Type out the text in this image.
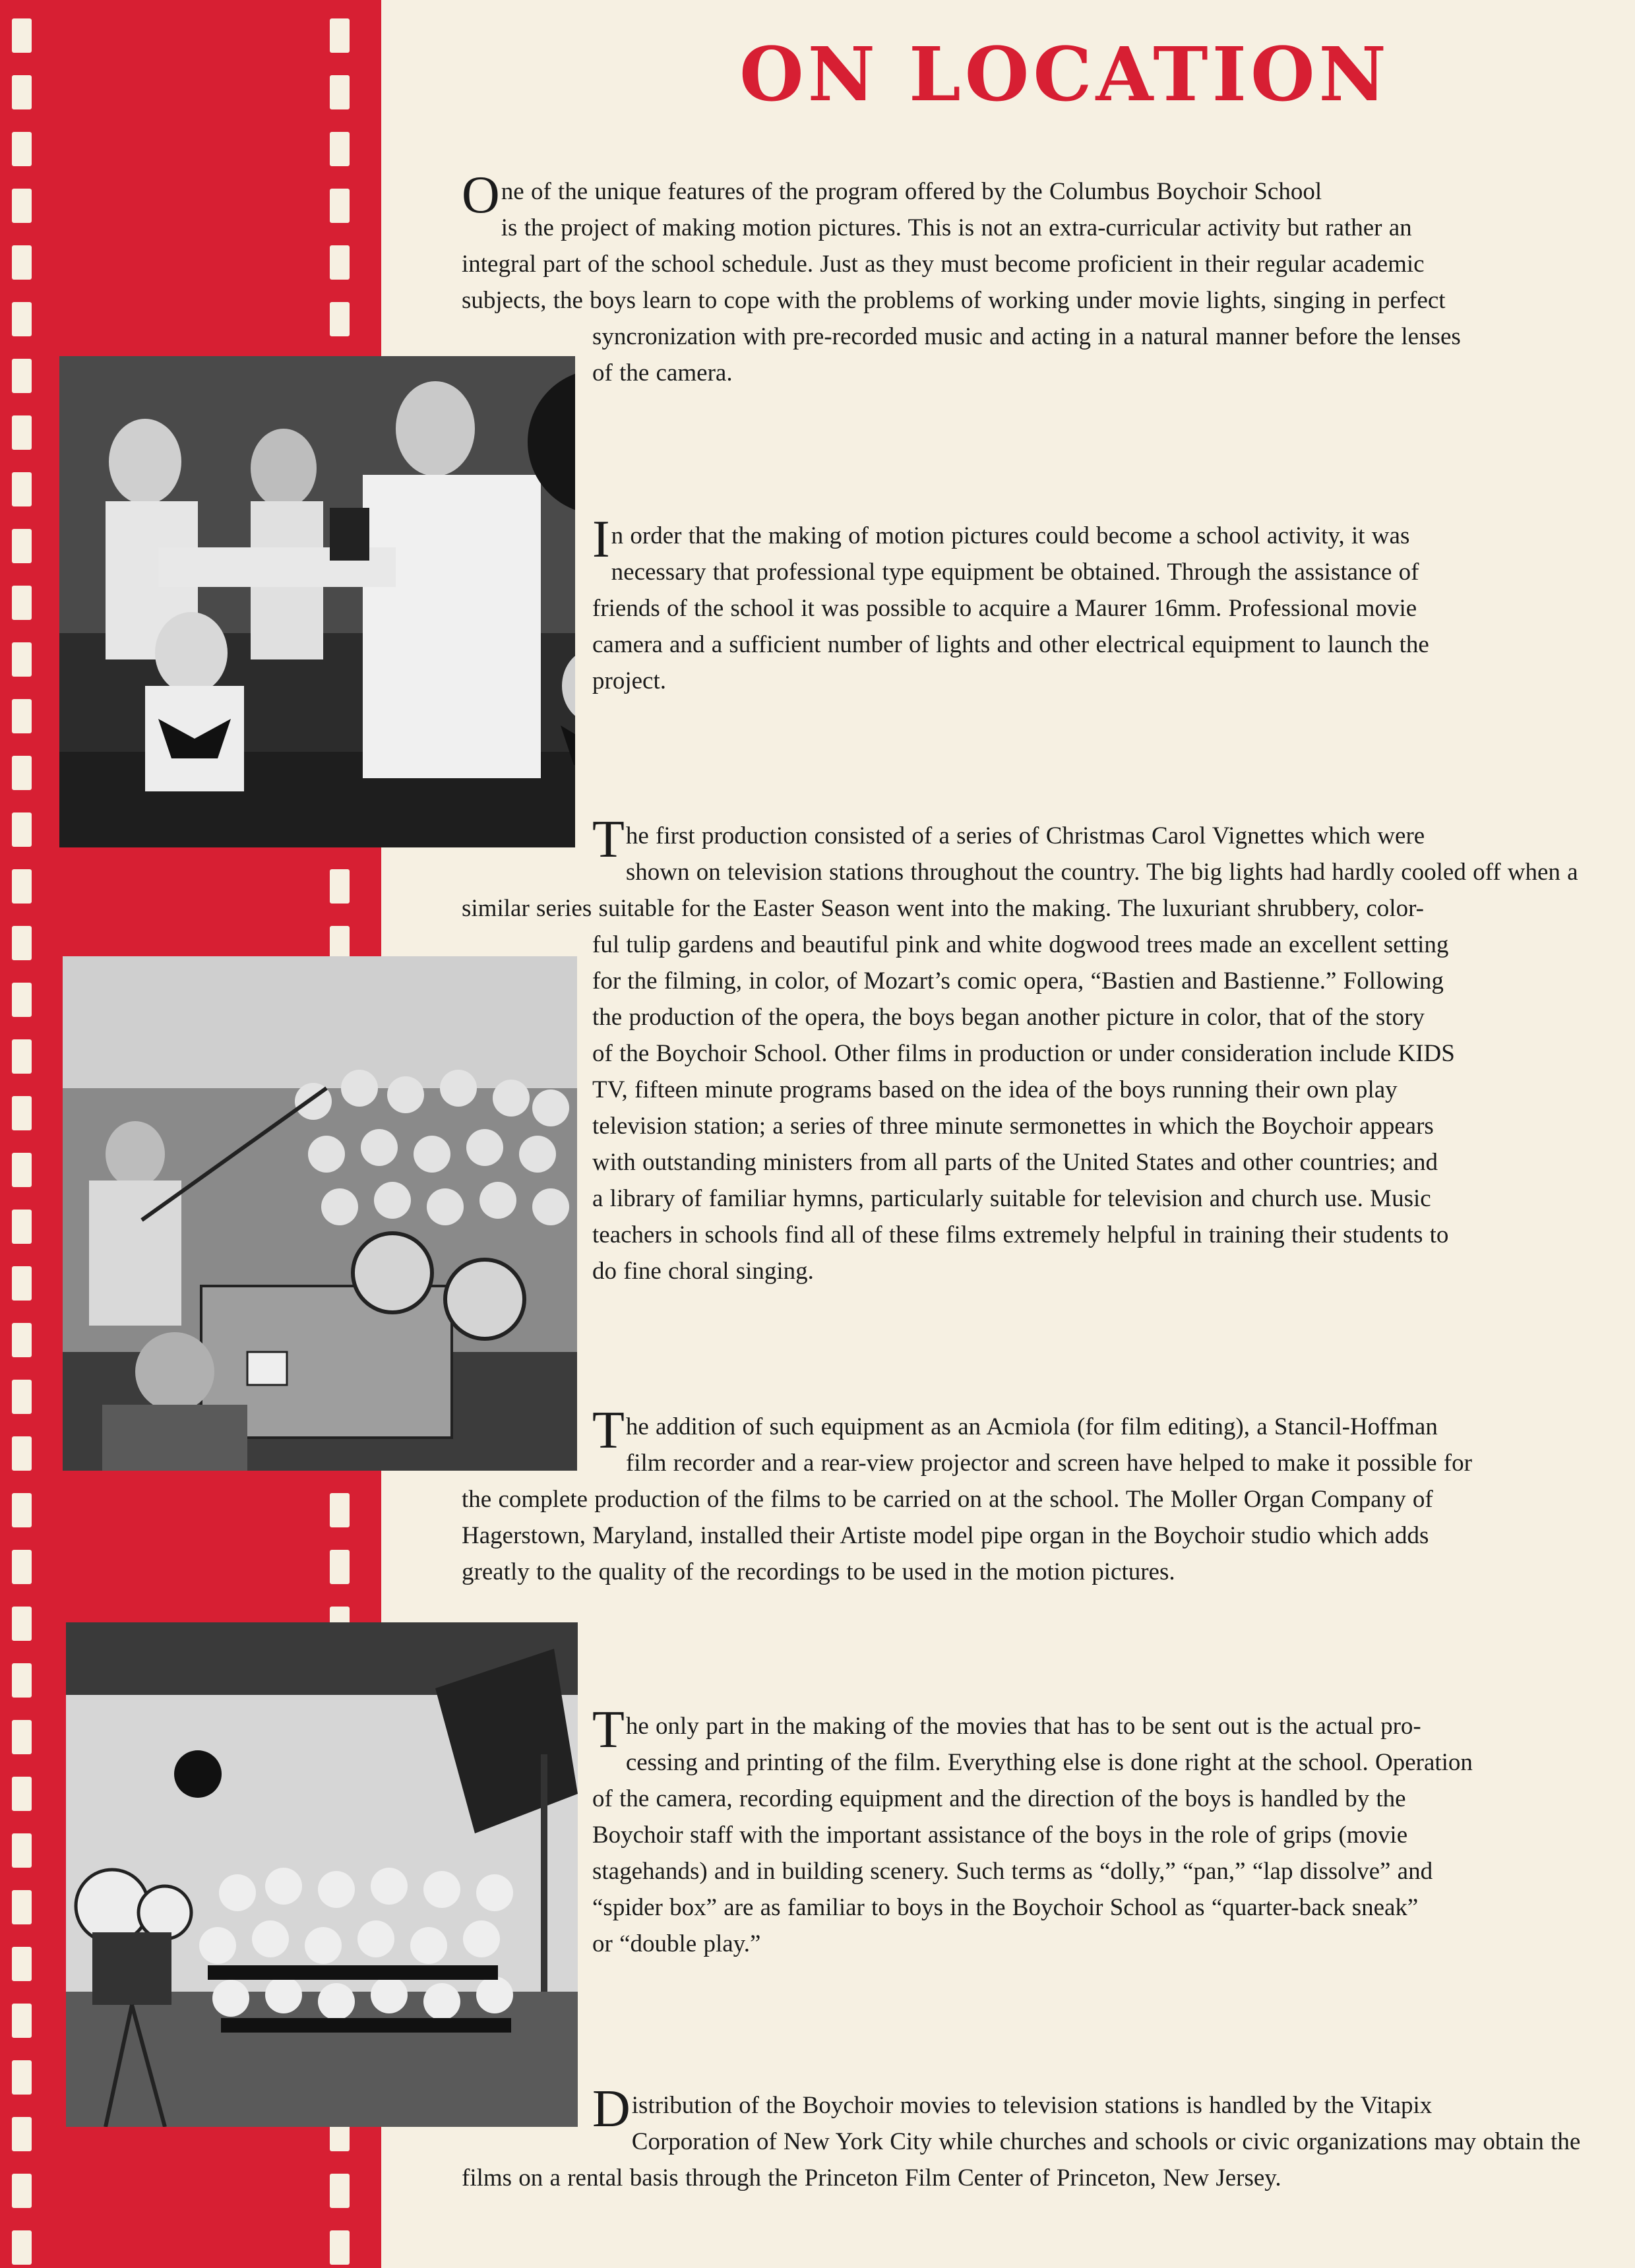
ON LOCATION
O ne of the unique features of the program offered by the Columbus Boychoir School
is the project of making motion pictures. This is not an extra-curricular activity but rather an
integral part of the school schedule. Just as they must become proficient in their regular academic
subjects, the boys learn to cope with the problems of working under movie lights, singing in perfect
syncronization with pre-recorded music and acting in a natural manner before the lenses
of the camera.
I n order that the making of motion pictures could become a school activity, it was
necessary that professional type equipment be obtained. Through the assistance of
friends of the school it was possible to acquire a Maurer 16mm. Professional movie
camera and a sufficient number of lights and other electrical equipment to launch the
project.
T he first production consisted of a series of Christmas Carol Vignettes which were
shown on television stations throughout the country. The big lights had hardly cooled off when a
similar series suitable for the Easter Season went into the making. The luxuriant shrubbery, color-
ful tulip gardens and beautiful pink and white dogwood trees made an excellent setting
for the filming, in color, of Mozart’s comic opera, “Bastien and Bastienne.” Following
the production of the opera, the boys began another picture in color, that of the story
of the Boychoir School. Other films in production or under consideration include KIDS
TV, fifteen minute programs based on the idea of the boys running their own play
television station; a series of three minute sermonettes in which the Boychoir appears
with outstanding ministers from all parts of the United States and other countries; and
a library of familiar hymns, particularly suitable for television and church use. Music
teachers in schools find all of these films extremely helpful in training their students to
do fine choral singing.
T he addition of such equipment as an Acmiola (for film editing), a Stancil-Hoffman
film recorder and a rear-view projector and screen have helped to make it possible for
the complete production of the films to be carried on at the school. The Moller Organ Company of
Hagerstown, Maryland, installed their Artiste model pipe organ in the Boychoir studio which adds
greatly to the quality of the recordings to be used in the motion pictures.
T he only part in the making of the movies that has to be sent out is the actual pro-
cessing and printing of the film. Everything else is done right at the school. Operation
of the camera, recording equipment and the direction of the boys is handled by the
Boychoir staff with the important assistance of the boys in the role of grips (movie
stagehands) and in building scenery. Such terms as “dolly,” “pan,” “lap dissolve” and
“spider box” are as familiar to boys in the Boychoir School as “quarter-back sneak”
or “double play.”
D istribution of the Boychoir movies to television stations is handled by the Vitapix
Corporation of New York City while churches and schools or civic organizations may obtain the
films on a rental basis through the Princeton Film Center of Princeton, New Jersey.
